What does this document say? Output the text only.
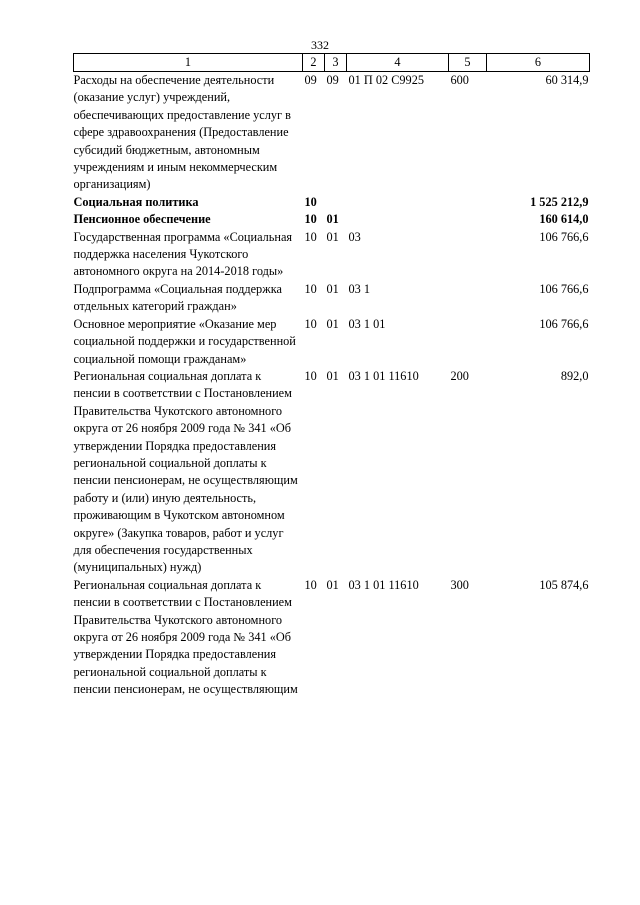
332
1	2	3	4	5	6
Расходы на обеспечение деятельности (оказание услуг) учреждений, обеспечивающих предоставление услуг в сфере здравоохранения (Предоставление субсидий бюджетным, автономным учреждениям и иным некоммерческим организациям)	09	09	01 П 02 С9925	600	60 314,9
Социальная политика	10				1 525 212,9
Пенсионное обеспечение	10	01			160 614,0
Государственная программа «Социальная поддержка населения Чукотского автономного округа на 2014-2018 годы»	10	01	03		106 766,6
Подпрограмма «Социальная поддержка отдельных категорий граждан»	10	01	03 1		106 766,6
Основное мероприятие «Оказание мер социальной поддержки и государственной социальной помощи гражданам»	10	01	03 1 01		106 766,6
Региональная социальная доплата к пенсии в соответствии с Постановлением Правительства Чукотского автономного округа от 26 ноября 2009 года № 341 «Об утверждении Порядка предоставления региональной социальной доплаты к пенсии пенсионерам, не осуществляющим работу и (или) иную деятельность, проживающим в Чукотском автономном округе» (Закупка товаров, работ и услуг для обеспечения государственных (муниципальных) нужд)	10	01	03 1 01 11610	200	892,0
Региональная социальная доплата к пенсии в соответствии с Постановлением Правительства Чукотского автономного округа от 26 ноября 2009 года № 341 «Об утверждении Порядка предоставления региональной социальной доплаты к пенсии пенсионерам, не осуществляющим	10	01	03 1 01 11610	300	105 874,6
